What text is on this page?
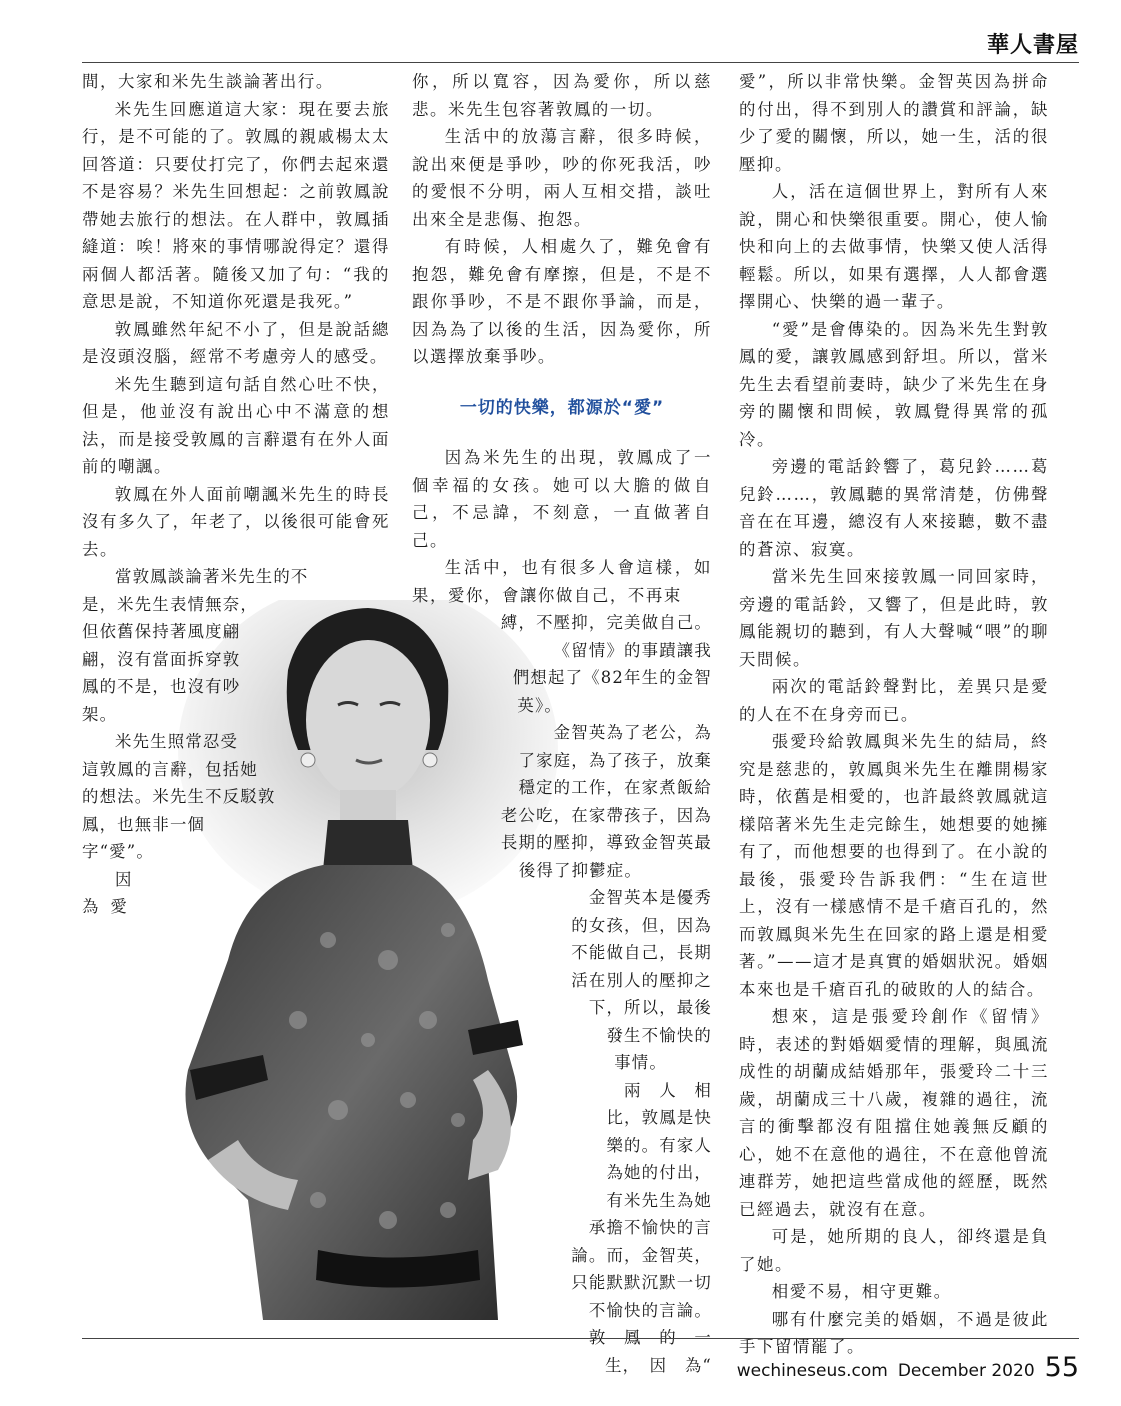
華人書屋

間，大家和米先生談論著出行。

米先生回應道這大家：現在要去旅行，是不可能的了。敦鳳的親戚楊太太回答道：只要仗打完了，你們去起來還不是容易？米先生回想起：之前敦鳳說帶她去旅行的想法。在人群中，敦鳳插縫道：唉！將來的事情哪說得定？還得兩個人都活著。隨後又加了句：“我的意思是說，不知道你死還是我死。”

敦鳳雖然年紀不小了，但是說話總是沒頭沒腦，經常不考慮旁人的感受。

米先生聽到這句話自然心吐不快，但是，他並沒有說出心中不滿意的想法，而是接受敦鳳的言辭還有在外人面前的嘲諷。

敦鳳在外人面前嘲諷米先生的時長沒有多久了，年老了，以後很可能會死去。

當敦鳳談論著米先生的不
是，米先生表情無奈，
但依舊保持著風度翩
翩，沒有當面拆穿敦
鳳的不是，也沒有吵
架。
米先生照常忍受
這敦鳳的言辭，包括她
的想法。米先生不反駁敦
鳳，也無非一個
字“愛”。
因
為愛

你，所以寬容，因為愛你，所以慈悲。米先生包容著敦鳳的一切。

生活中的放蕩言辭，很多時候，說出來便是爭吵，吵的你死我活，吵的愛恨不分明，兩人互相交措，談吐出來全是悲傷、抱怨。

有時候，人相處久了，難免會有抱怨，難免會有摩擦，但是，不是不跟你爭吵，不是不跟你爭論，而是，因為為了以後的生活，因為愛你，所以選擇放棄爭吵。

一切的快樂，都源於“愛”

因為米先生的出現，敦鳳成了一個幸福的女孩。她可以大膽的做自己，不忌諱，不刻意，一直做著自己。

生活中，也有很多人會這樣，如果，愛你，會讓你做自己，不再束

縛，不壓抑，完美做自己。
《留情》的事蹟讓我
們想起了《82年生的金智
英》。
金智英為了老公，為
了家庭，為了孩子，放棄
穩定的工作，在家煮飯給
老公吃，在家帶孩子，因為
長期的壓抑，導致金智英最
後得了抑鬱症。
金智英本是優秀
的女孩，但，因為
不能做自己，長期
活在別人的壓抑之
下，所以，最後
發生不愉快的
事情。
兩　人　相
比，敦鳳是快
樂的。有家人
為她的付出，
有米先生為她
承擔不愉快的言
論。而，金智英，
只能默默沉默一切
不愉快的言論。
敦　鳳　的　一
生，　因　為“

愛”，所以非常快樂。金智英因為拼命的付出，得不到別人的讚賞和評論，缺少了愛的關懷，所以，她一生，活的很壓抑。

人，活在這個世界上，對所有人來說，開心和快樂很重要。開心，使人愉快和向上的去做事情，快樂又使人活得輕鬆。所以，如果有選擇，人人都會選擇開心、快樂的過一輩子。

“愛”是會傳染的。因為米先生對敦鳳的愛，讓敦鳳感到舒坦。所以，當米先生去看望前妻時，缺少了米先生在身旁的關懷和問候，敦鳳覺得異常的孤冷。

旁邊的電話鈴響了，葛兒鈴……葛兒鈴……，敦鳳聽的異常清楚，仿佛聲音在在耳邊，總沒有人來接聽，數不盡的蒼涼、寂寞。

當米先生回來接敦鳳一同回家時，旁邊的電話鈴，又響了，但是此時，敦鳳能親切的聽到，有人大聲喊“喂”的聊天問候。

兩次的電話鈴聲對比，差異只是愛的人在不在身旁而已。

張愛玲給敦鳳與米先生的結局，終究是慈悲的，敦鳳與米先生在離開楊家時，依舊是相愛的，也許最終敦鳳就這樣陪著米先生走完餘生，她想要的她擁有了，而他想要的也得到了。在小說的最後，張愛玲告訴我們：“生在這世上，沒有一樣感情不是千瘡百孔的，然而敦鳳與米先生在回家的路上還是相愛著。”——這才是真實的婚姻狀況。婚姻本來也是千瘡百孔的破敗的人的結合。

想來，這是張愛玲創作《留情》時，表述的對婚姻愛情的理解，與風流成性的胡蘭成結婚那年，張愛玲二十三歲，胡蘭成三十八歲，複雜的過往，流言的衝擊都沒有阻擋住她義無反顧的心，她不在意他的過往，不在意他曾流連群芳，她把這些當成他的經歷，既然已經過去，就沒有在意。

可是，她所期的良人，卻终還是負了她。

相愛不易，相守更難。

哪有什麼完美的婚姻，不過是彼此手下留情罷了。

wechineseus.com December 2020 55
